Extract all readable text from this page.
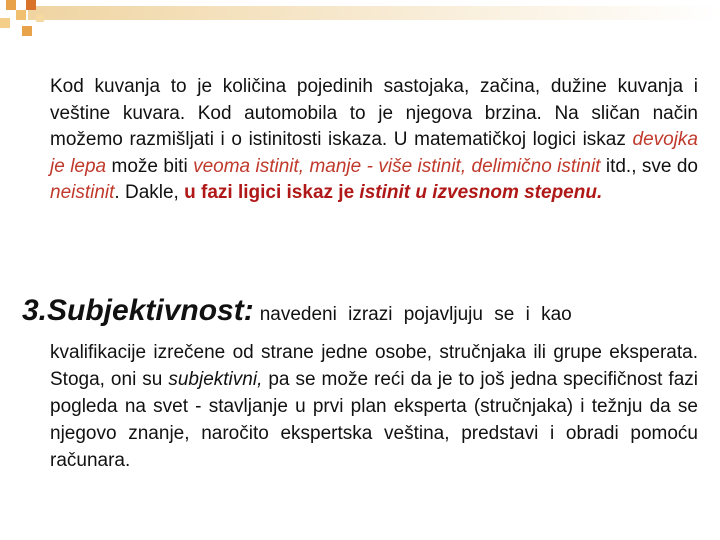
Kod kuvanja to je količina pojedinih sastojaka, začina, dužine kuvanja i veštine kuvara. Kod automobila to je njegova brzina. Na sličan način možemo razmišljati i o istinitosti iskaza. U matematičkoj logici iskaz devojka je lepa može biti veoma istinit, manje - više istinit, delimično istinit itd., sve do neistinit. Dakle, u fazi ligici iskaz je istinit u izvesnom stepenu.
3.Subjektivnost: navedeni izrazi pojavljuju se i kao
kvalifikacije izrečene od strane jedne osobe, stručnjaka ili grupe eksperata. Stoga, oni su subjektivni, pa se može reći da je to još jedna specifičnost fazi pogleda na svet - stavljanje u prvi plan eksperta (stručnjaka) i težnju da se njegovo znanje, naročito ekspertska veština, predstavi i obradi pomoću računara.
